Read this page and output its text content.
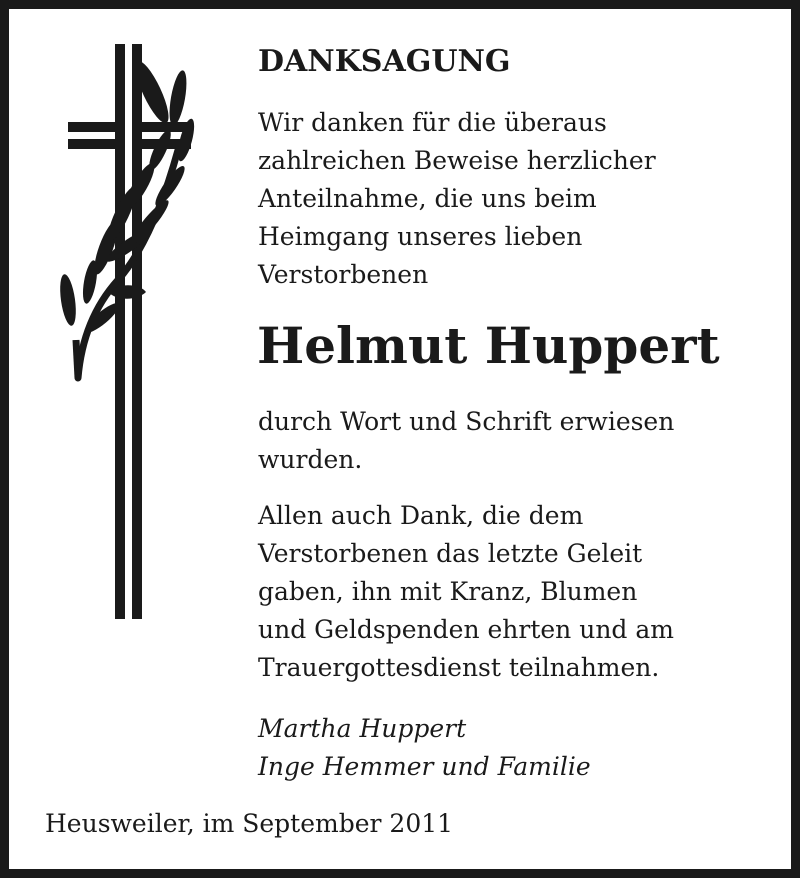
DANKSAGUNG
Wir danken für die überaus
zahlreichen Beweise herzlicher
Anteilnahme, die uns beim
Heimgang unseres lieben
Verstorbenen
Helmut Huppert
durch Wort und Schrift erwiesen
wurden.
Allen auch Dank, die dem
Verstorbenen das letzte Geleit
gaben, ihn mit Kranz, Blumen
und Geldspenden ehrten und am
Trauergottesdienst teilnahmen.
Martha Huppert
Inge Hemmer und Familie
Heusweiler, im September 2011
